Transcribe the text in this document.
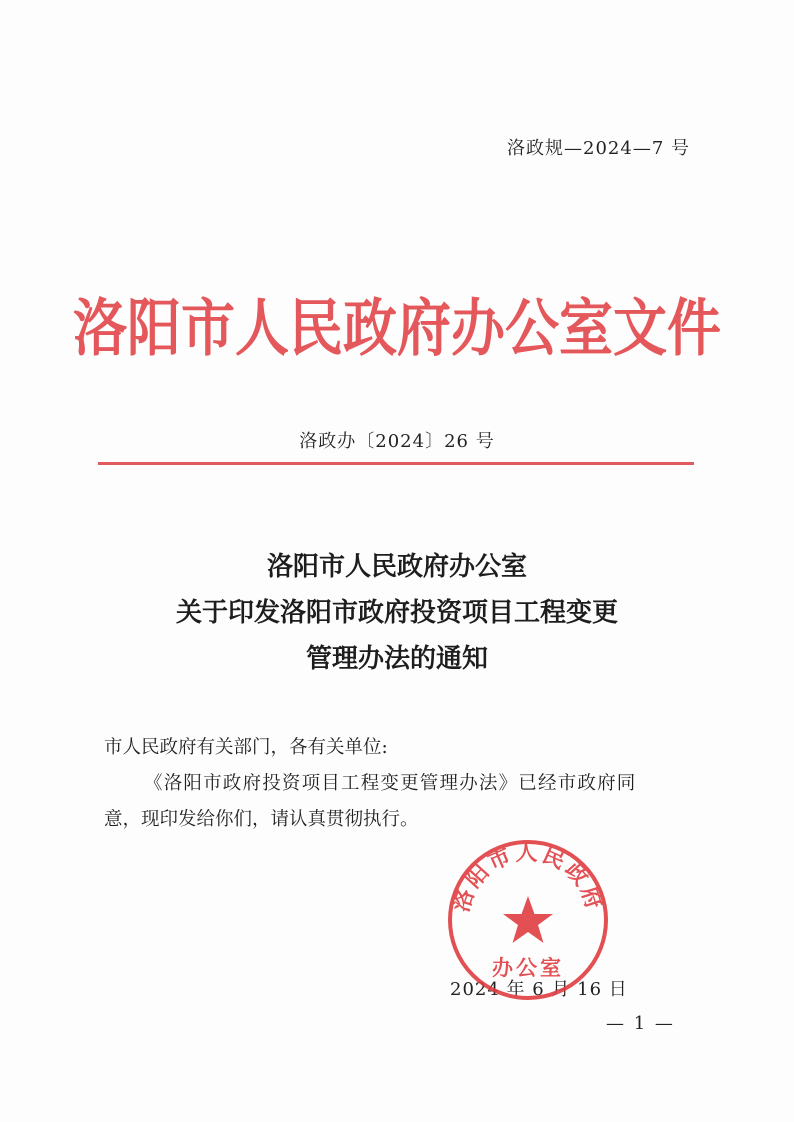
洛政规—2024—7 号
洛阳市人民政府办公室文件
洛政办〔2024〕26 号
洛阳市人民政府办公室
关于印发洛阳市政府投资项目工程变更
管理办法的通知
市人民政府有关部门，各有关单位:
《洛阳市政府投资项目工程变更管理办法》已经市政府同
意，现印发给你们，请认真贯彻执行。
2024 年 6 月 16 日
洛阳市人民政府
办公室
— 1 —
